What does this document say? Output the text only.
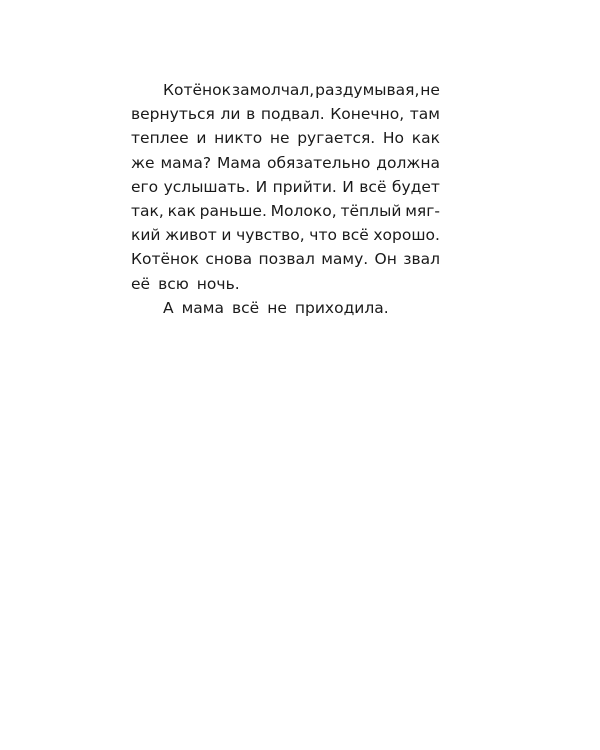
Котёнок замолчал, раздумывая, не
вернуться ли в подвал. Конечно, там
теплее и никто не ругается. Но как
же мама? Мама обязательно должна
его услышать. И прийти. И всё будет
так, как раньше. Молоко, тёплый мяг-
кий живот и чувство, что всё хорошо.
Котёнок снова позвал маму. Он звал
её всю ночь.
А мама всё не приходила.
